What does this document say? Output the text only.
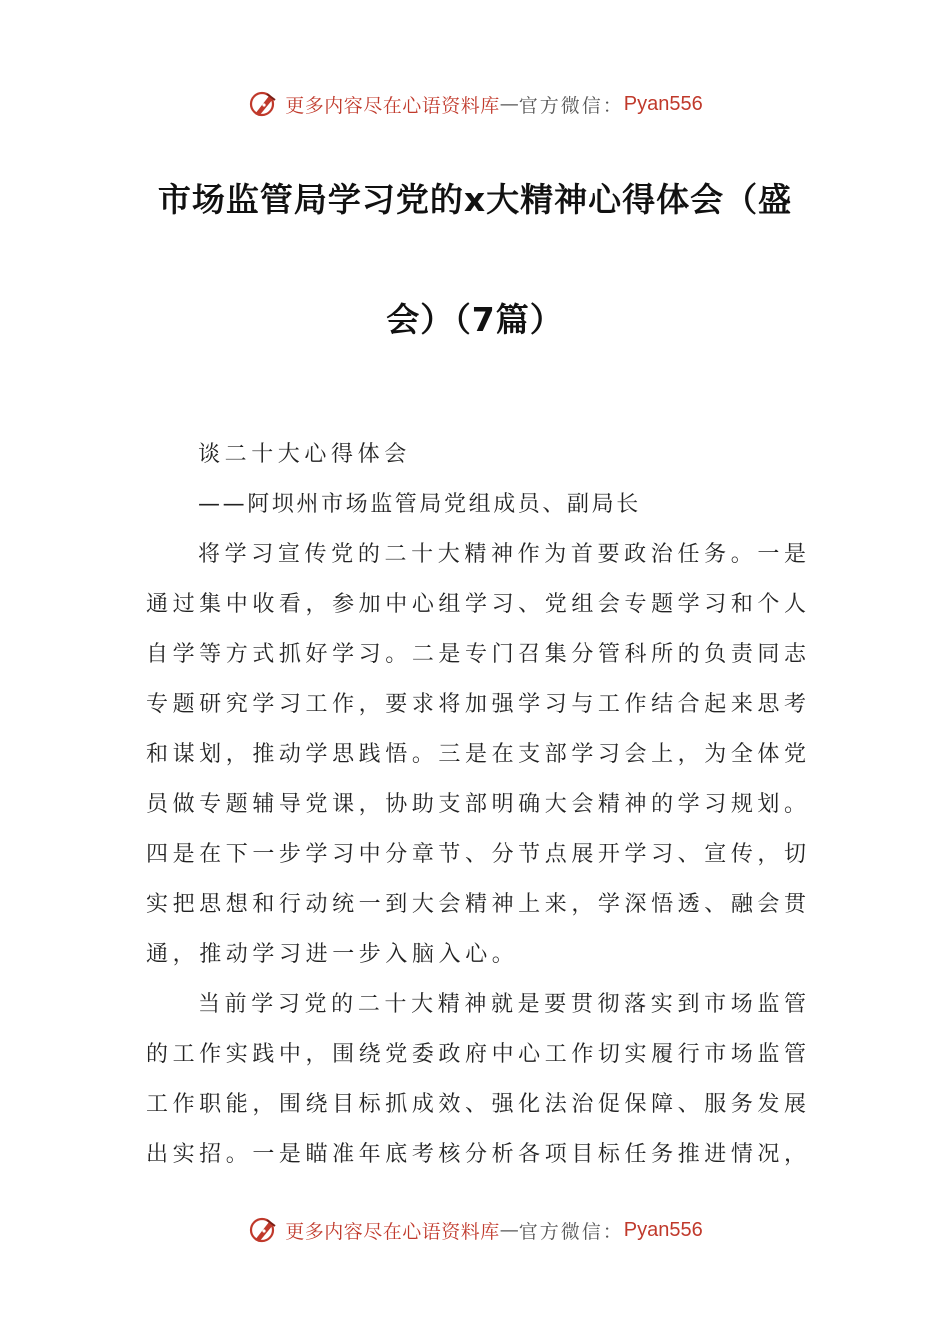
更多内容尽在心语资料库 — 官方微信： Pyan556
市场监管局学习党的x大精神心得体会（盛
会）（7篇）
谈二十大心得体会
——阿坝州市场监管局党组成员、副局长
将学习宣传党的二十大精神作为首要政治任务。一是
通过集中收看，参加中心组学习、党组会专题学习和个人
自学等方式抓好学习。二是专门召集分管科所的负责同志
专题研究学习工作，要求将加强学习与工作结合起来思考
和谋划，推动学思践悟。三是在支部学习会上，为全体党
员做专题辅导党课，协助支部明确大会精神的学习规划。
四是在下一步学习中分章节、分节点展开学习、宣传，切
实把思想和行动统一到大会精神上来，学深悟透、融会贯
通，推动学习进一步入脑入心。
当前学习党的二十大精神就是要贯彻落实到市场监管
的工作实践中，围绕党委政府中心工作切实履行市场监管
工作职能，围绕目标抓成效、强化法治促保障、服务发展
出实招。一是瞄准年底考核分析各项目标任务推进情况，
更多内容尽在心语资料库 — 官方微信： Pyan556
